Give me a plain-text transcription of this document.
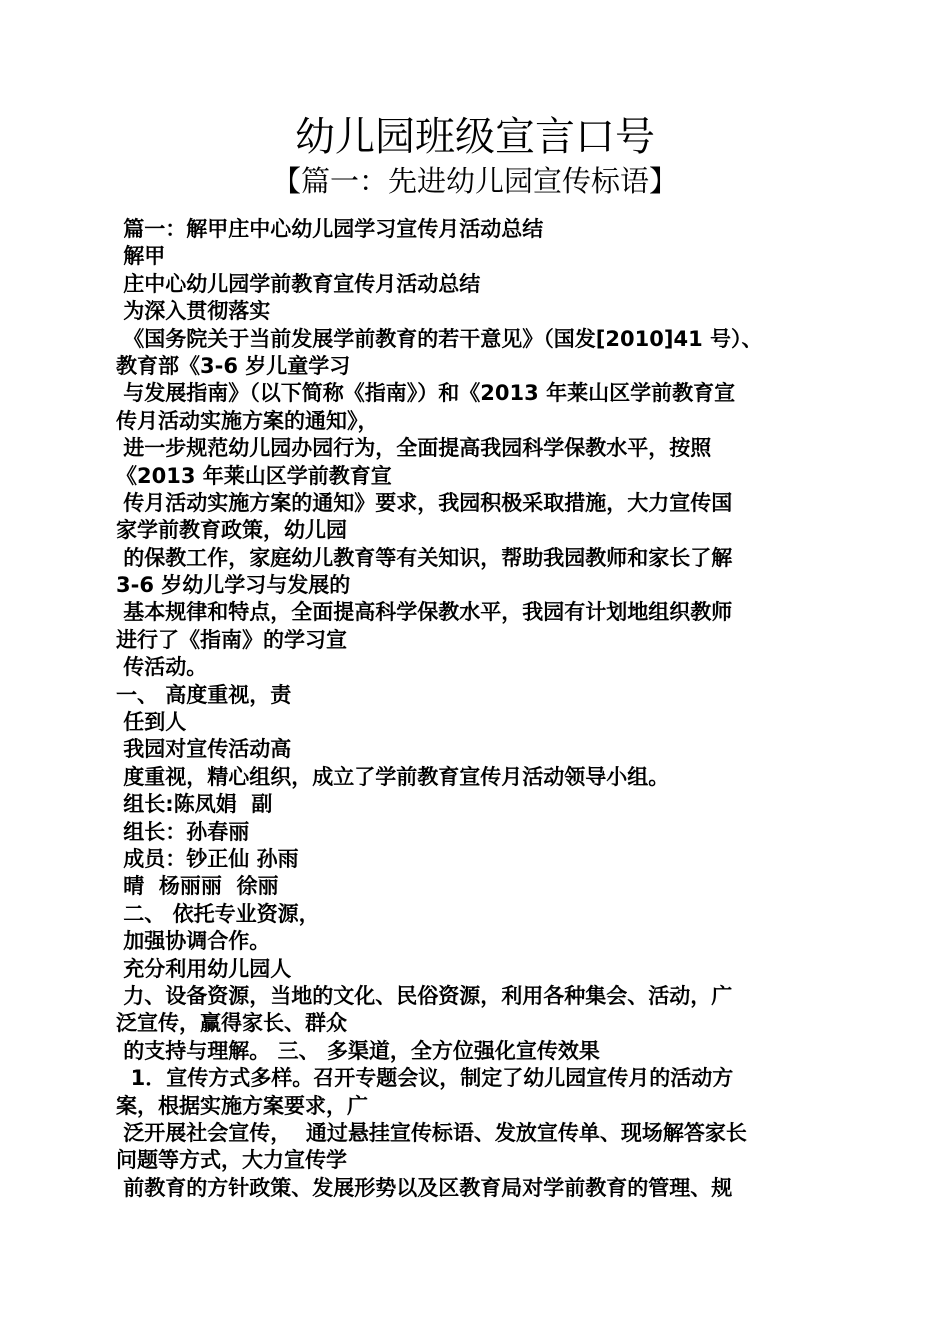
幼儿园班级宣言口号
【篇一：先进幼儿园宣传标语】
篇一：解甲庄中心幼儿园学习宣传月活动总结
解甲
庄中心幼儿园学前教育宣传月活动总结
为深入贯彻落实
《国务院关于当前发展学前教育的若干意见》（国发[2010]41 号）、
教育部《3-6 岁儿童学习
与发展指南》（以下简称《指南》）和《2013 年莱山区学前教育宣
传月活动实施方案的通知》，
进一步规范幼儿园办园行为，全面提高我园科学保教水平，按照
《2013 年莱山区学前教育宣
传月活动实施方案的通知》要求，我园积极采取措施，大力宣传国
家学前教育政策，幼儿园
的保教工作，家庭幼儿教育等有关知识，帮助我园教师和家长了解
3-6 岁幼儿学习与发展的
基本规律和特点，全面提高科学保教水平，我园有计划地组织教师
进行了《指南》的学习宣
传活动。
一、 高度重视，责
任到人
我园对宣传活动高
度重视，精心组织，成立了学前教育宣传月活动领导小组。
组长:陈凤娟  副
组长：孙春丽
成员：钞正仙 孙雨
晴  杨丽丽  徐丽
二、 依托专业资源，
加强协调合作。
充分利用幼儿园人
力、设备资源，当地的文化、民俗资源，利用各种集会、活动，广
泛宣传，赢得家长、群众
的支持与理解。 三、 多渠道，全方位强化宣传效果
1．宣传方式多样。召开专题会议，制定了幼儿园宣传月的活动方
案，根据实施方案要求，广
泛开展社会宣传，  通过悬挂宣传标语、发放宣传单、现场解答家长
问题等方式，大力宣传学
前教育的方针政策、发展形势以及区教育局对学前教育的管理、规
